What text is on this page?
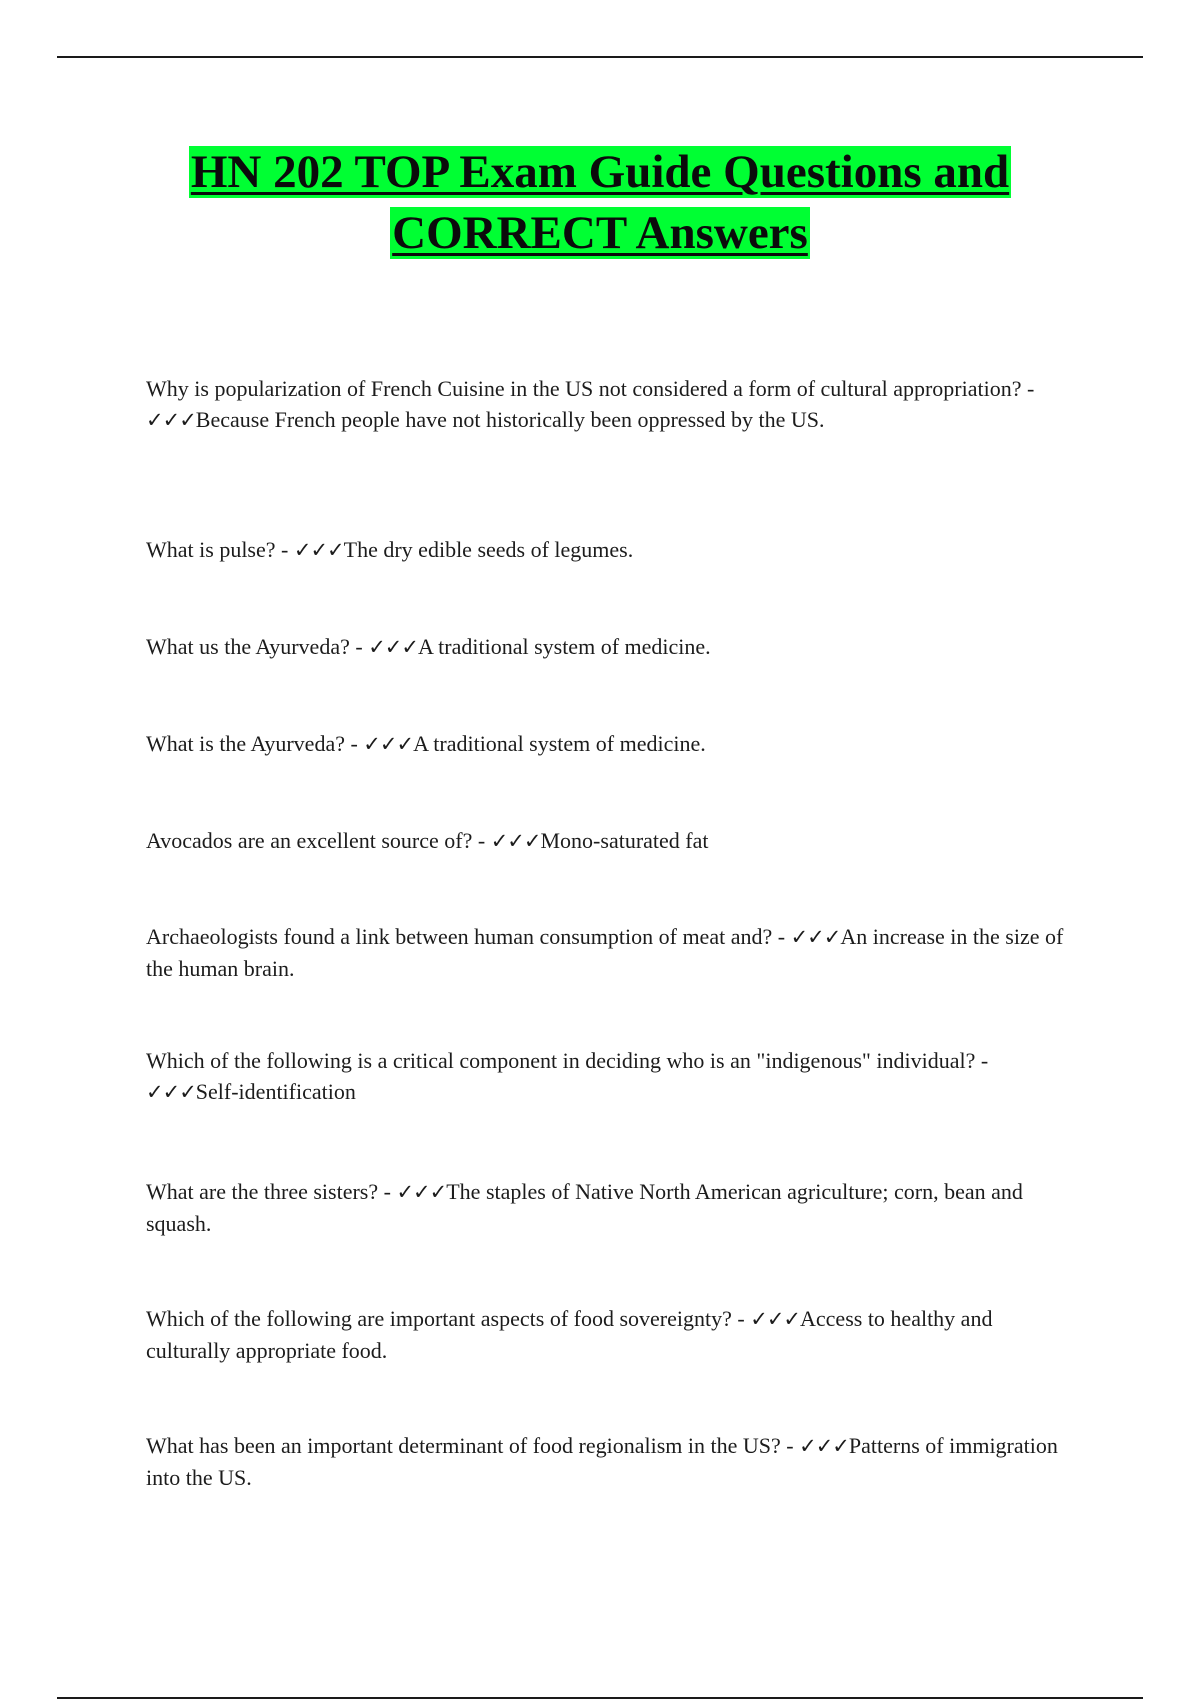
HN 202 TOP Exam Guide Questions and
CORRECT Answers
Why is popularization of French Cuisine in the US not considered a form of cultural appropriation? - ✓✓✓Because French people have not historically been oppressed by the US.
What is pulse? - ✓✓✓The dry edible seeds of legumes.
What us the Ayurveda? - ✓✓✓A traditional system of medicine.
What is the Ayurveda? - ✓✓✓A traditional system of medicine.
Avocados are an excellent source of? - ✓✓✓Mono-saturated fat
Archaeologists found a link between human consumption of meat and? - ✓✓✓An increase in the size of the human brain.
Which of the following is a critical component in deciding who is an "indigenous" individual? - ✓✓✓Self-identification
What are the three sisters? - ✓✓✓The staples of Native North American agriculture; corn, bean and squash.
Which of the following are important aspects of food sovereignty? - ✓✓✓Access to healthy and culturally appropriate food.
What has been an important determinant of food regionalism in the US? - ✓✓✓Patterns of immigration into the US.
